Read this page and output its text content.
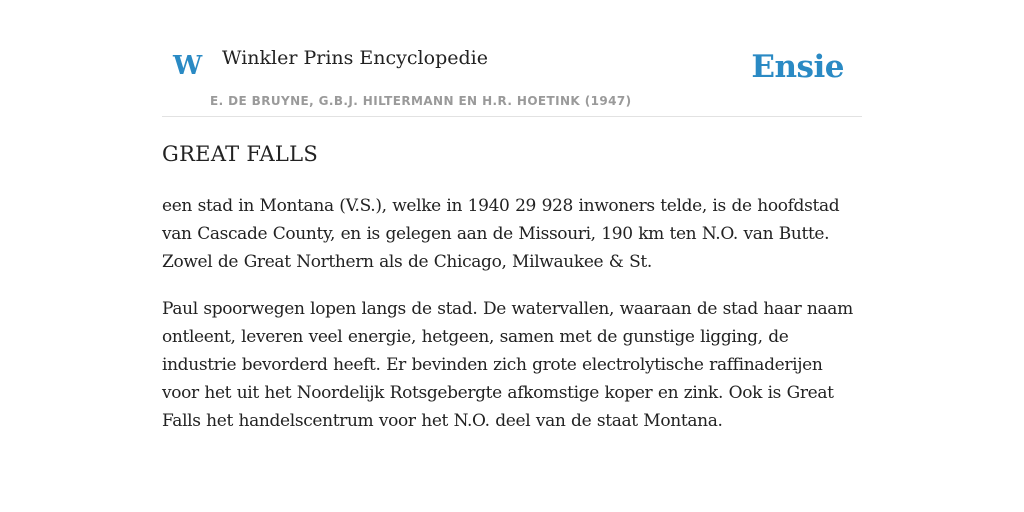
W Winkler Prins Encyclopedie
E. DE BRUYNE, G.B.J. HILTERMANN EN H.R. HOETINK (1947)
Ensie
GREAT FALLS

een stad in Montana (V.S.), welke in 1940 29 928 inwoners telde, is de hoofdstad van Cascade County, en is gelegen aan de Missouri, 190 km ten N.O. van Butte. Zowel de Great Northern als de Chicago, Milwaukee & St.

Paul spoorwegen lopen langs de stad. De watervallen, waaraan de stad haar naam ontleent, leveren veel energie, hetgeen, samen met de gunstige ligging, de industrie bevorderd heeft. Er bevinden zich grote electrolytische raffinaderijen voor het uit het Noordelijk Rotsgebergte afkomstige koper en zink. Ook is Great Falls het handelscentrum voor het N.O. deel van de staat Montana.
